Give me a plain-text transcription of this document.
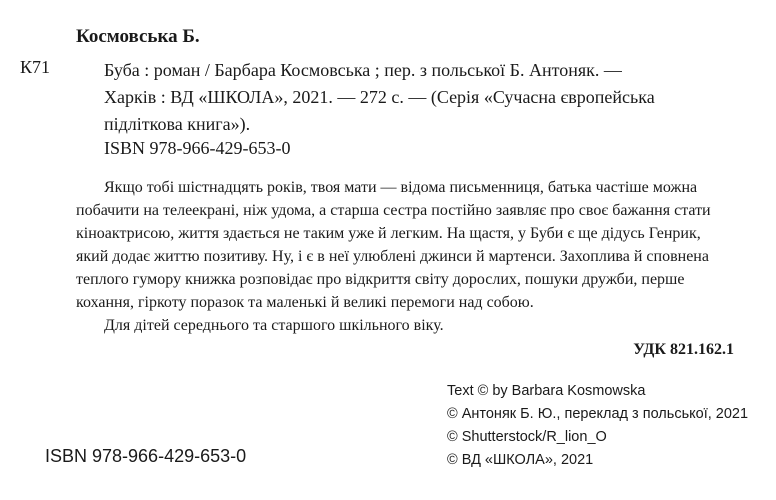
Космовська Б.
К71	Буба : роман / Барбара Космовська ; пер. з польської Б. Антоняк. —
Харків : ВД «ШКОЛА», 2021. — 272 с. — (Серія «Сучасна європейська
підліткова книга»).
ISBN 978-966-429-653-0
Якщо тобі шістнадцять років, твоя мати — відома письменниця, батька частіше можна
побачити на телеекрані, ніж удома, а старша сестра постійно заявляє про своє бажання стати
кіноактрисою, життя здається не таким уже й легким. На щастя, у Буби є ще дідусь Генрик,
який додає життю позитиву. Ну, і є в неї улюблені джинси й мартенси. Захоплива й сповнена
теплого гумору книжка розповідає про відкриття світу дорослих, пошуки дружби, перше
кохання, гіркоту поразок та маленькі й великі перемоги над собою.
Для дітей середнього та старшого шкільного віку.
УДК 821.162.1
ISBN 978-966-429-653-0
Text © by Barbara Kosmowska
© Антоняк Б. Ю., переклад з польської, 2021
© Shutterstock/R_lion_O
© ВД «ШКОЛА», 2021
